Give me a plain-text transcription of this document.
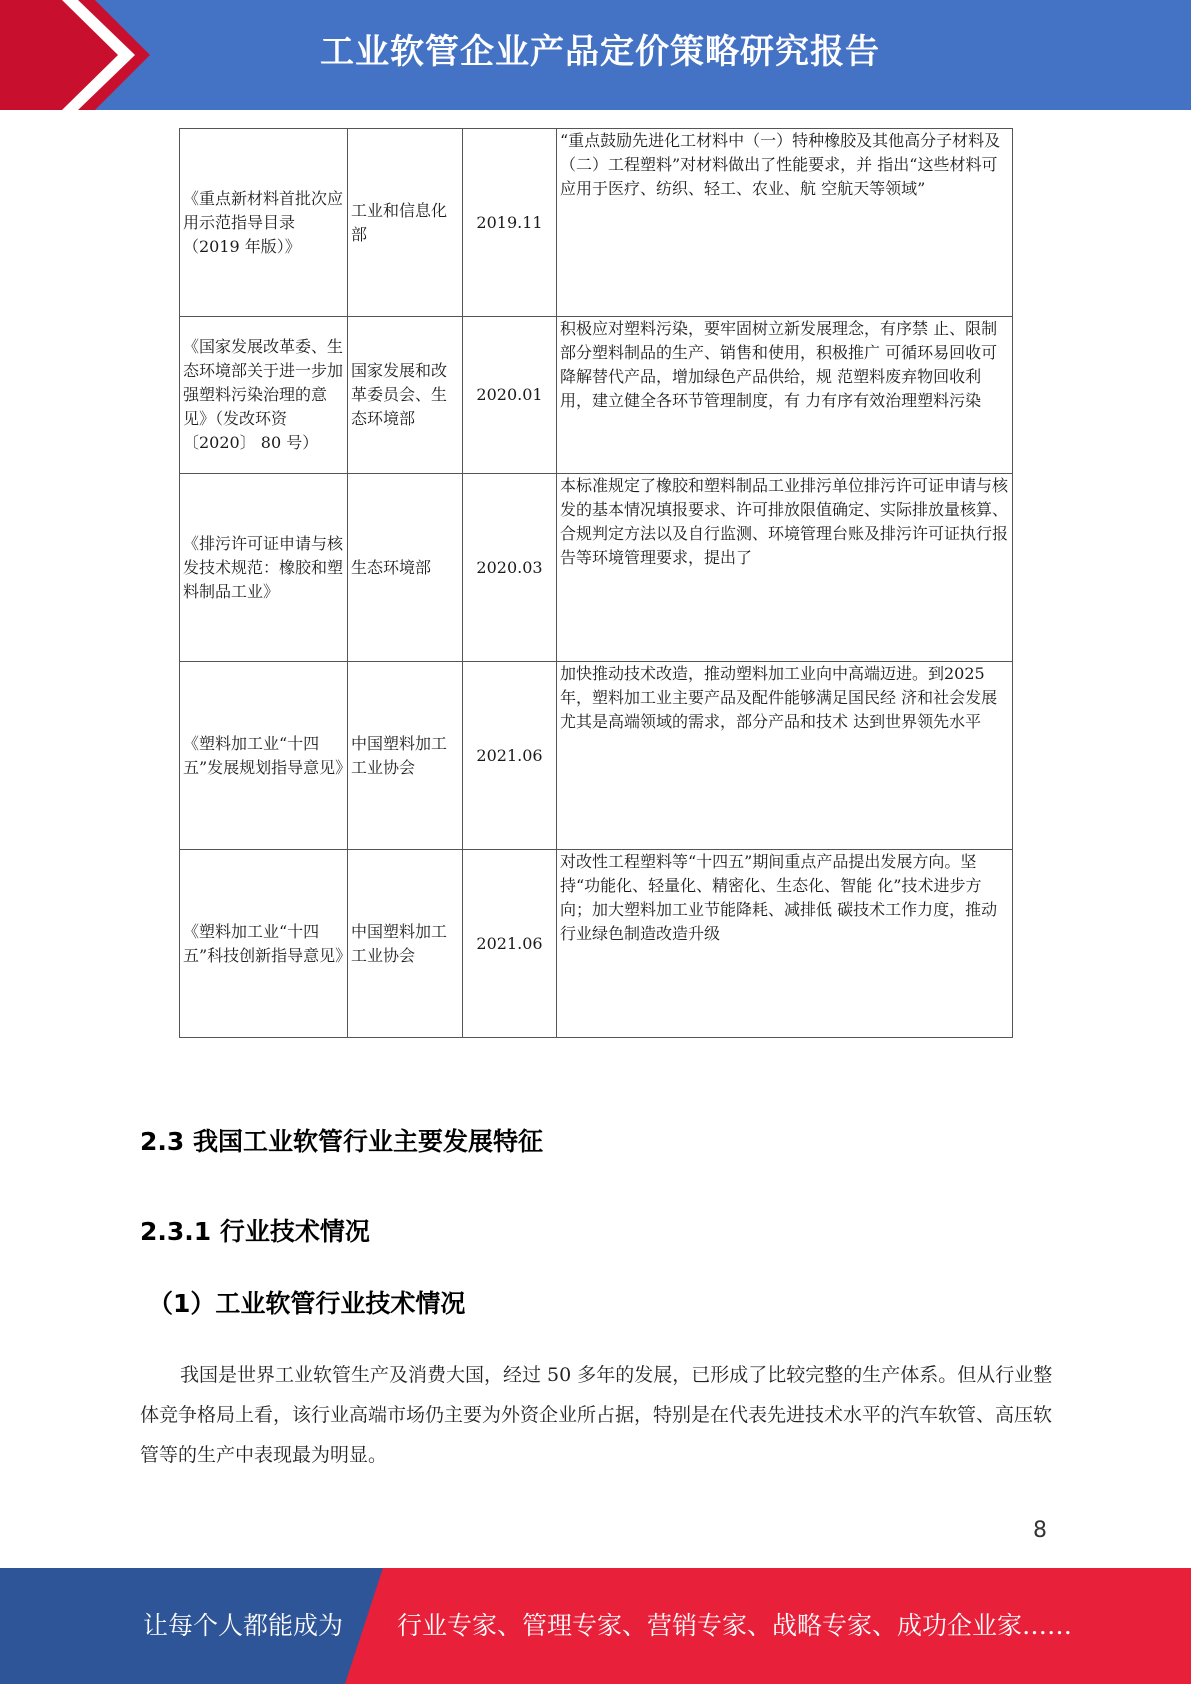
工业软管企业产品定价策略研究报告
《重点新材料首批次应用示范指导目录（2019 年版）》	工业和信息化部	2019.11	“重点鼓励先进化工材料中（一）特种橡胶及其他高分子材料及（二）工程塑料”对材料做出了性能要求，并 指出“这些材料可应用于医疗、纺织、轻工、农业、航 空航天等领域”
《国家发展改革委、生态环境部关于进一步加强塑料污染治理的意见》（发改环资〔2020〕 80 号）	国家发展和改革委员会、生态环境部	2020.01	积极应对塑料污染，要牢固树立新发展理念，有序禁 止、限制部分塑料制品的生产、销售和使用，积极推广 可循环易回收可降解替代产品，增加绿色产品供给，规 范塑料废弃物回收利用，建立健全各环节管理制度，有 力有序有效治理塑料污染
《排污许可证申请与核发技术规范：橡胶和塑料制品工业》	生态环境部	2020.03	本标准规定了橡胶和塑料制品工业排污单位排污许可证申请与核发的基本情况填报要求、许可排放限值确定、实际排放量核算、合规判定方法以及自行监测、环境管理台账及排污许可证执行报告等环境管理要求，提出了
《塑料加工业“十四五”发展规划指导意见》	中国塑料加工工业协会	2021.06	加快推动技术改造，推动塑料加工业向中高端迈进。到2025 年，塑料加工业主要产品及配件能够满足国民经 济和社会发展尤其是高端领域的需求，部分产品和技术 达到世界领先水平
《塑料加工业“十四五”科技创新指导意见》	中国塑料加工工业协会	2021.06	对改性工程塑料等“十四五”期间重点产品提出发展方向。坚持“功能化、轻量化、精密化、生态化、智能 化”技术进步方向；加大塑料加工业节能降耗、减排低 碳技术工作力度，推动行业绿色制造改造升级
2.3 我国工业软管行业主要发展特征
2.3.1 行业技术情况
（1）工业软管行业技术情况

我国是世界工业软管生产及消费大国，经过 50 多年的发展，已形成了比较完整的生产体系。但从行业整体竞争格局上看，该行业高端市场仍主要为外资企业所占据，特别是在代表先进技术水平的汽车软管、高压软管等的生产中表现最为明显。

8
让每个人都能成为 行业专家、管理专家、营销专家、战略专家、成功企业家……
